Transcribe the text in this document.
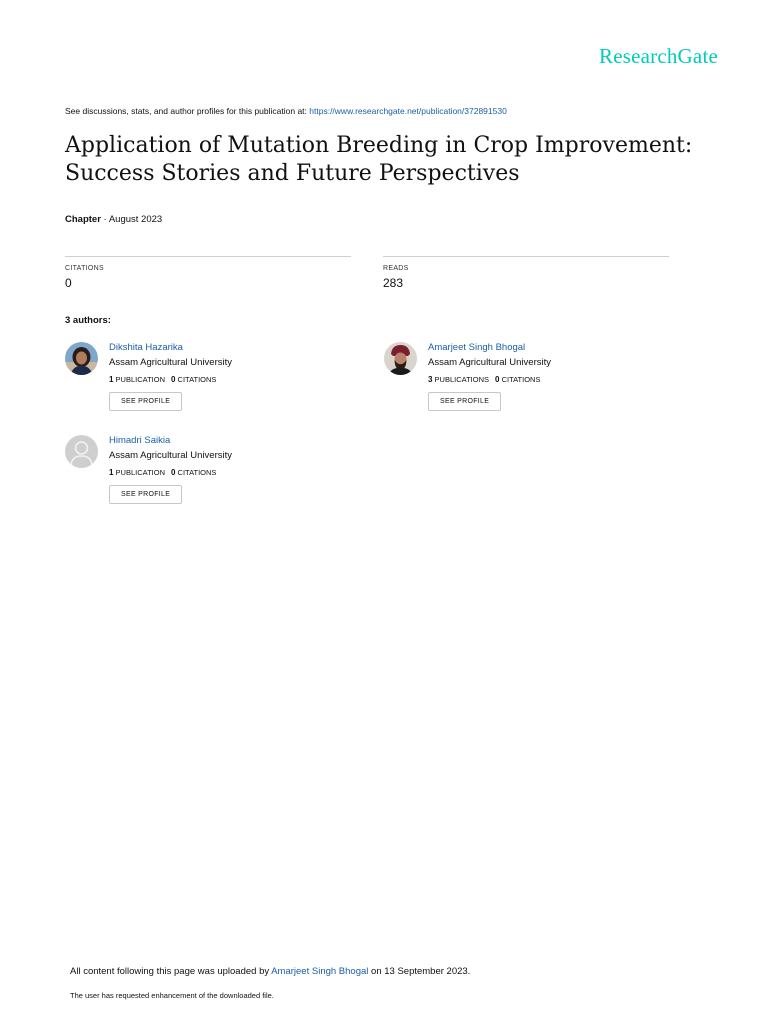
ResearchGate
See discussions, stats, and author profiles for this publication at: https://www.researchgate.net/publication/372891530
Application of Mutation Breeding in Crop Improvement: Success Stories and Future Perspectives
Chapter · August 2023
CITATIONS
0
READS
283
3 authors:
Dikshita Hazarika
Assam Agricultural University
1 PUBLICATION 0 CITATIONS
SEE PROFILE
Amarjeet Singh Bhogal
Assam Agricultural University
3 PUBLICATIONS 0 CITATIONS
SEE PROFILE
Himadri Saikia
Assam Agricultural University
1 PUBLICATION 0 CITATIONS
SEE PROFILE
All content following this page was uploaded by Amarjeet Singh Bhogal on 13 September 2023.
The user has requested enhancement of the downloaded file.
